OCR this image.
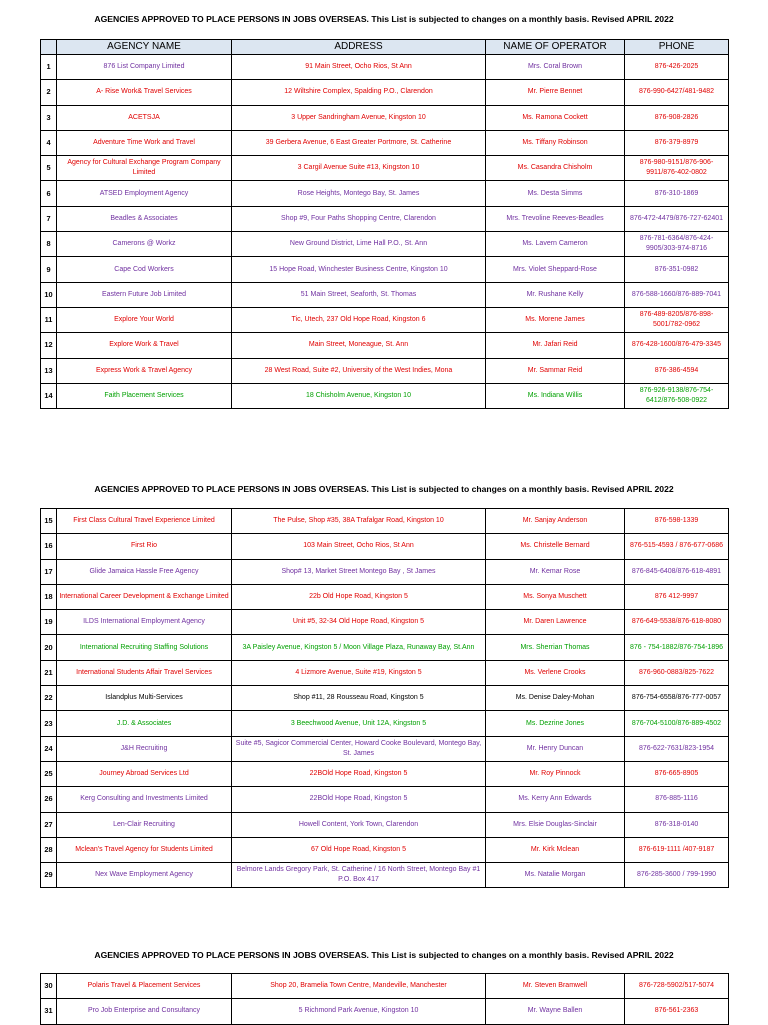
AGENCIES APPROVED TO PLACE PERSONS IN JOBS OVERSEAS. This List is subjected to changes on a monthly basis. Revised APRIL 2022
	AGENCY NAME	ADDRESS	NAME OF OPERATOR	PHONE
1	876 List Company Limited	91 Main Street, Ocho Rios, St Ann	Mrs. Coral Brown	876-426-2025
2	A- Rise Work& Travel Services	12 Wiltshire Complex, Spalding P.O., Clarendon	Mr. Pierre Bennet	876-990-6427/481-9482
3	ACETSJA	3 Upper Sandringham Avenue, Kingston 10	Ms. Ramona Cockett	876-908-2826
4	Adventure Time Work and Travel	39 Gerbera Avenue, 6 East Greater Portmore, St. Catherine	Ms. Tiffany Robinson	876-379-8979
5	Agency for Cultural Exchange Program Company Limited	3 Cargil Avenue Suite #13, Kingston 10	Ms. Casandra Chisholm	876-980-9151/876-906-9911/876-402-0802
6	ATSED Employment Agency	Rose Heights, Montego Bay, St. James	Ms. Desta Simms	876-310-1869
7	Beadles & Associates	Shop #9, Four Paths Shopping Centre, Clarendon	Mrs. Trevoline Reeves-Beadles	876-472-4479/876-727-62401
8	Camerons @ Workz	New Ground District, Lime Hall P.O., St. Ann	Ms. Lavern Cameron	876-781-6364/876-424-9905/303-974-8716
9	Cape Cod Workers	15 Hope Road, Winchester Business Centre, Kingston 10	Mrs. Violet Sheppard-Rose	876-351-0982
10	Eastern Future Job Limited	51 Main Street, Seaforth, St. Thomas	Mr. Rushane Kelly	876-588-1660/876-889-7041
11	Explore Your World	Tic, Utech, 237 Old Hope Road, Kingston 6	Ms. Morene James	876-489-8205/876-898-5001/782-0962
12	Explore Work & Travel	Main Street, Moneague, St. Ann	Mr. Jafari Reid	876-428-1600/876-479-3345
13	Express Work & Travel Agency	28 West Road, Suite #2, University of the West Indies, Mona	Mr. Sammar Reid	876-386-4594
14	Faith Placement Services	18 Chisholm Avenue, Kingston 10	Ms. Indiana Willis	876-926-9138/876-754-6412/876-508-0922
AGENCIES APPROVED TO PLACE PERSONS IN JOBS OVERSEAS. This List is subjected to changes on a monthly basis. Revised APRIL 2022
15	First Class Cultural Travel Experience Limited	The Pulse, Shop #35, 38A Trafalgar Road, Kingston 10	Mr. Sanjay Anderson	876-598-1339
16	First Rio	103 Main Street, Ocho Rios, St Ann	Ms. Christelle Bernard	876-515-4593 / 876-677-0686
17	Glide Jamaica Hassle Free Agency	Shop# 13, Market Street Montego Bay , St James	Mr. Kemar Rose	876-845-6408/876-618-4891
18	International Career Development & Exchange Limited	22b Old Hope Road, Kingston 5	Ms. Sonya Muschett	876 412-9997
19	ILDS International Employment Agency	Unit #5, 32-34 Old Hope Road, Kingston 5	Mr. Daren Lawrence	876-649-5538/876-618-8080
20	International Recruiting Staffing Solutions	3A Paisley Avenue, Kingston 5 / Moon Village Plaza, Runaway Bay, St.Ann	Mrs. Sherrian Thomas	876 - 754-1882/876-754-1896
21	International Students Affair Travel Services	4 Lizmore Avenue, Suite #19, Kingston 5	Ms. Verlene Crooks	876-960-0883/825-7622
22	Islandplus Multi-Services	Shop #11, 28 Rousseau Road, Kingston 5	Ms. Denise Daley-Mohan	876-754-6558/876-777-0057
23	J.D. & Associates	3 Beechwood Avenue, Unit 12A, Kingston 5	Ms. Dezrine Jones	876-704-5100/876-889-4502
24	J&H Recruiting	Suite #5, Sagicor Commercial Center, Howard Cooke Boulevard, Montego Bay, St. James	Mr. Henry Duncan	876-622-7631/823-1954
25	Journey Abroad Services Ltd	22BOld Hope Road, Kingston 5	Mr. Roy Pinnock	876-665-8905
26	Kerg Consulting and Investments Limited	22BOld Hope Road, Kingston 5	Ms. Kerry Ann Edwards	876-885-1116
27	Len-Clair Recruiting	Howell Content, York Town, Clarendon	Mrs. Elsie Douglas-Sinclair	876-318-0140
28	Mclean's Travel Agency for Students Limited	67 Old Hope Road, Kingston 5	Mr. Kirk Mclean	876-619-1111 /407-9187
29	Nex Wave Employment Agency	Belmore Lands Gregory Park, St. Catherine / 16 North Street, Montego Bay #1 P.O. Box 417	Ms. Natalie Morgan	876-285-3600 / 799-1990
AGENCIES APPROVED TO PLACE PERSONS IN JOBS OVERSEAS. This List is subjected to changes on a monthly basis. Revised APRIL 2022
30	Polaris Travel & Placement Services	Shop 20, Bramelia Town Centre, Mandeville, Manchester	Mr. Steven Bramwell	876-728-5902/517-5074
31	Pro Job Enterprise and Consultancy	5 Richmond Park Avenue, Kingston 10	Mr. Wayne Ballen	876-561-2363
